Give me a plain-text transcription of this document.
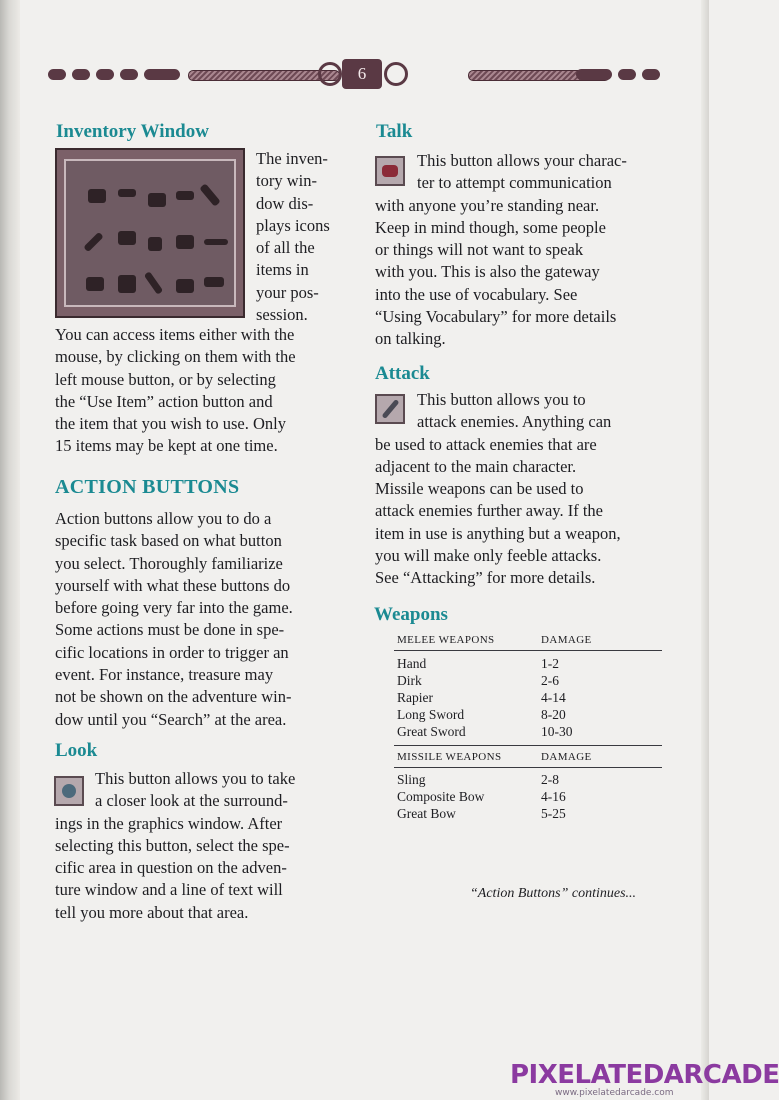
6
Inventory Window
The inven-
tory win-
dow dis-
plays icons
of all the
items in
your pos-
session.
You can access items either with the
mouse, by clicking on them with the
left mouse button, or by selecting
the “Use Item” action button and
the item that you wish to use. Only
15 items may be kept at one time.
ACTION BUTTONS
Action buttons allow you to do a
specific task based on what button
you select. Thoroughly familiarize
yourself with what these buttons do
before going very far into the game.
Some actions must be done in spe-
cific locations in order to trigger an
event. For instance, treasure may
not be shown on the adventure win-
dow until you “Search” at the area.
Look
This button allows you to take
a closer look at the surround-
ings in the graphics window. After
selecting this button, select the spe-
cific area in question on the adven-
ture window and a line of text will
tell you more about that area.
Talk
This button allows your charac-
ter to attempt communication
with anyone you’re standing near.
Keep in mind though, some people
or things will not want to speak
with you. This is also the gateway
into the use of vocabulary. See
“Using Vocabulary” for more details
on talking.
Attack
This button allows you to
attack enemies. Anything can
be used to attack enemies that are
adjacent to the main character.
Missile weapons can be used to
attack enemies further away. If the
item in use is anything but a weapon,
you will make only feeble attacks.
See “Attacking” for more details.
Weapons
MELEE WEAPONS	DAMAGE
Hand	1-2
Dirk	2-6
Rapier	4-14
Long Sword	8-20
Great Sword	10-30
MISSILE WEAPONS	DAMAGE
Sling	2-8
Composite Bow	4-16
Great Bow	5-25
“Action Buttons” continues...
PIXELATEDARCADE
www.pixelatedarcade.com
